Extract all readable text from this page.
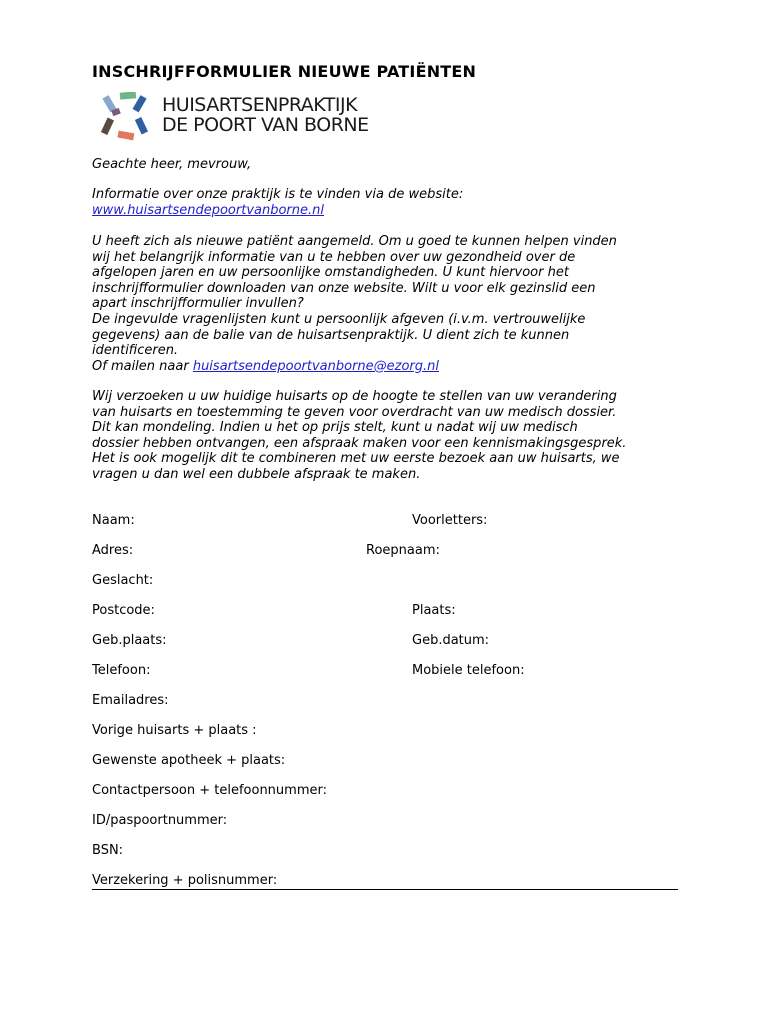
INSCHRIJFFORMULIER NIEUWE PATIËNTEN
HUISARTSENPRAKTIJK
DE POORT VAN BORNE
Geachte heer, mevrouw,

Informatie over onze praktijk is te vinden via de website:

www.huisartsendepoortvanborne.nl

U heeft zich als nieuwe patiënt aangemeld. Om u goed te kunnen helpen vinden

wij het belangrijk informatie van u te hebben over uw gezondheid over de

afgelopen jaren en uw persoonlijke omstandigheden. U kunt hiervoor het

inschrijfformulier downloaden van onze website. Wilt u voor elk gezinslid een

apart inschrijfformulier invullen?

De ingevulde vragenlijsten kunt u persoonlijk afgeven (i.v.m. vertrouwelijke

gegevens) aan de balie van de huisartsenpraktijk. U dient zich te kunnen

identificeren.

Of mailen naar huisartsendepoortvanborne@ezorg.nl

Wij verzoeken u uw huidige huisarts op de hoogte te stellen van uw verandering

van huisarts en toestemming te geven voor overdracht van uw medisch dossier.

Dit kan mondeling. Indien u het op prijs stelt, kunt u nadat wij uw medisch

dossier hebben ontvangen, een afspraak maken voor een kennismakingsgesprek.

Het is ook mogelijk dit te combineren met uw eerste bezoek aan uw huisarts, we

vragen u dan wel een dubbele afspraak te maken.

Naam:	Voorletters:
Adres:	Roepnaam:
Geslacht:
Postcode:	Plaats:
Geb.plaats:	Geb.datum:
Telefoon:	Mobiele telefoon:
Emailadres:
Vorige huisarts + plaats :
Gewenste apotheek + plaats:
Contactpersoon + telefoonnummer:
ID/paspoortnummer:
BSN:
Verzekering + polisnummer:
